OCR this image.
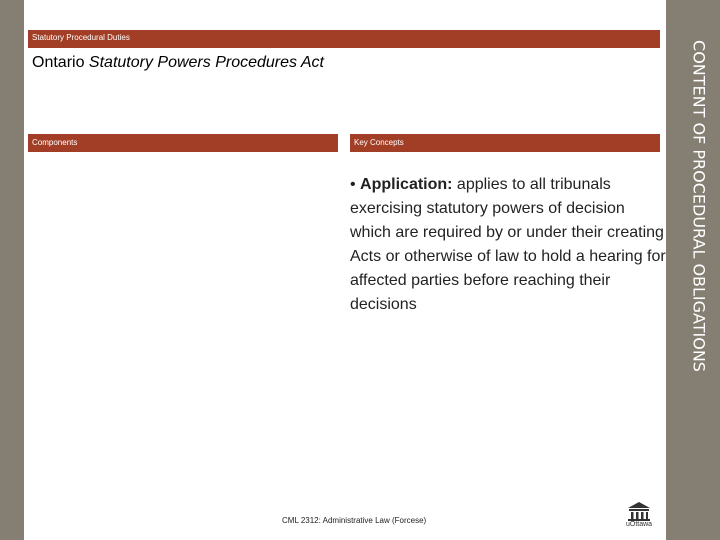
Statutory Procedural Duties
Ontario Statutory Powers Procedures Act
Components	Key Concepts
• Application: applies to all tribunals exercising statutory powers of decision which are required by or under their creating Acts or otherwise of law to hold a hearing for affected parties before reaching their decisions
CML 2312: Administrative Law (Forcese)	uOttawa
CONTENT OF PROCEDURAL OBLIGATIONS
